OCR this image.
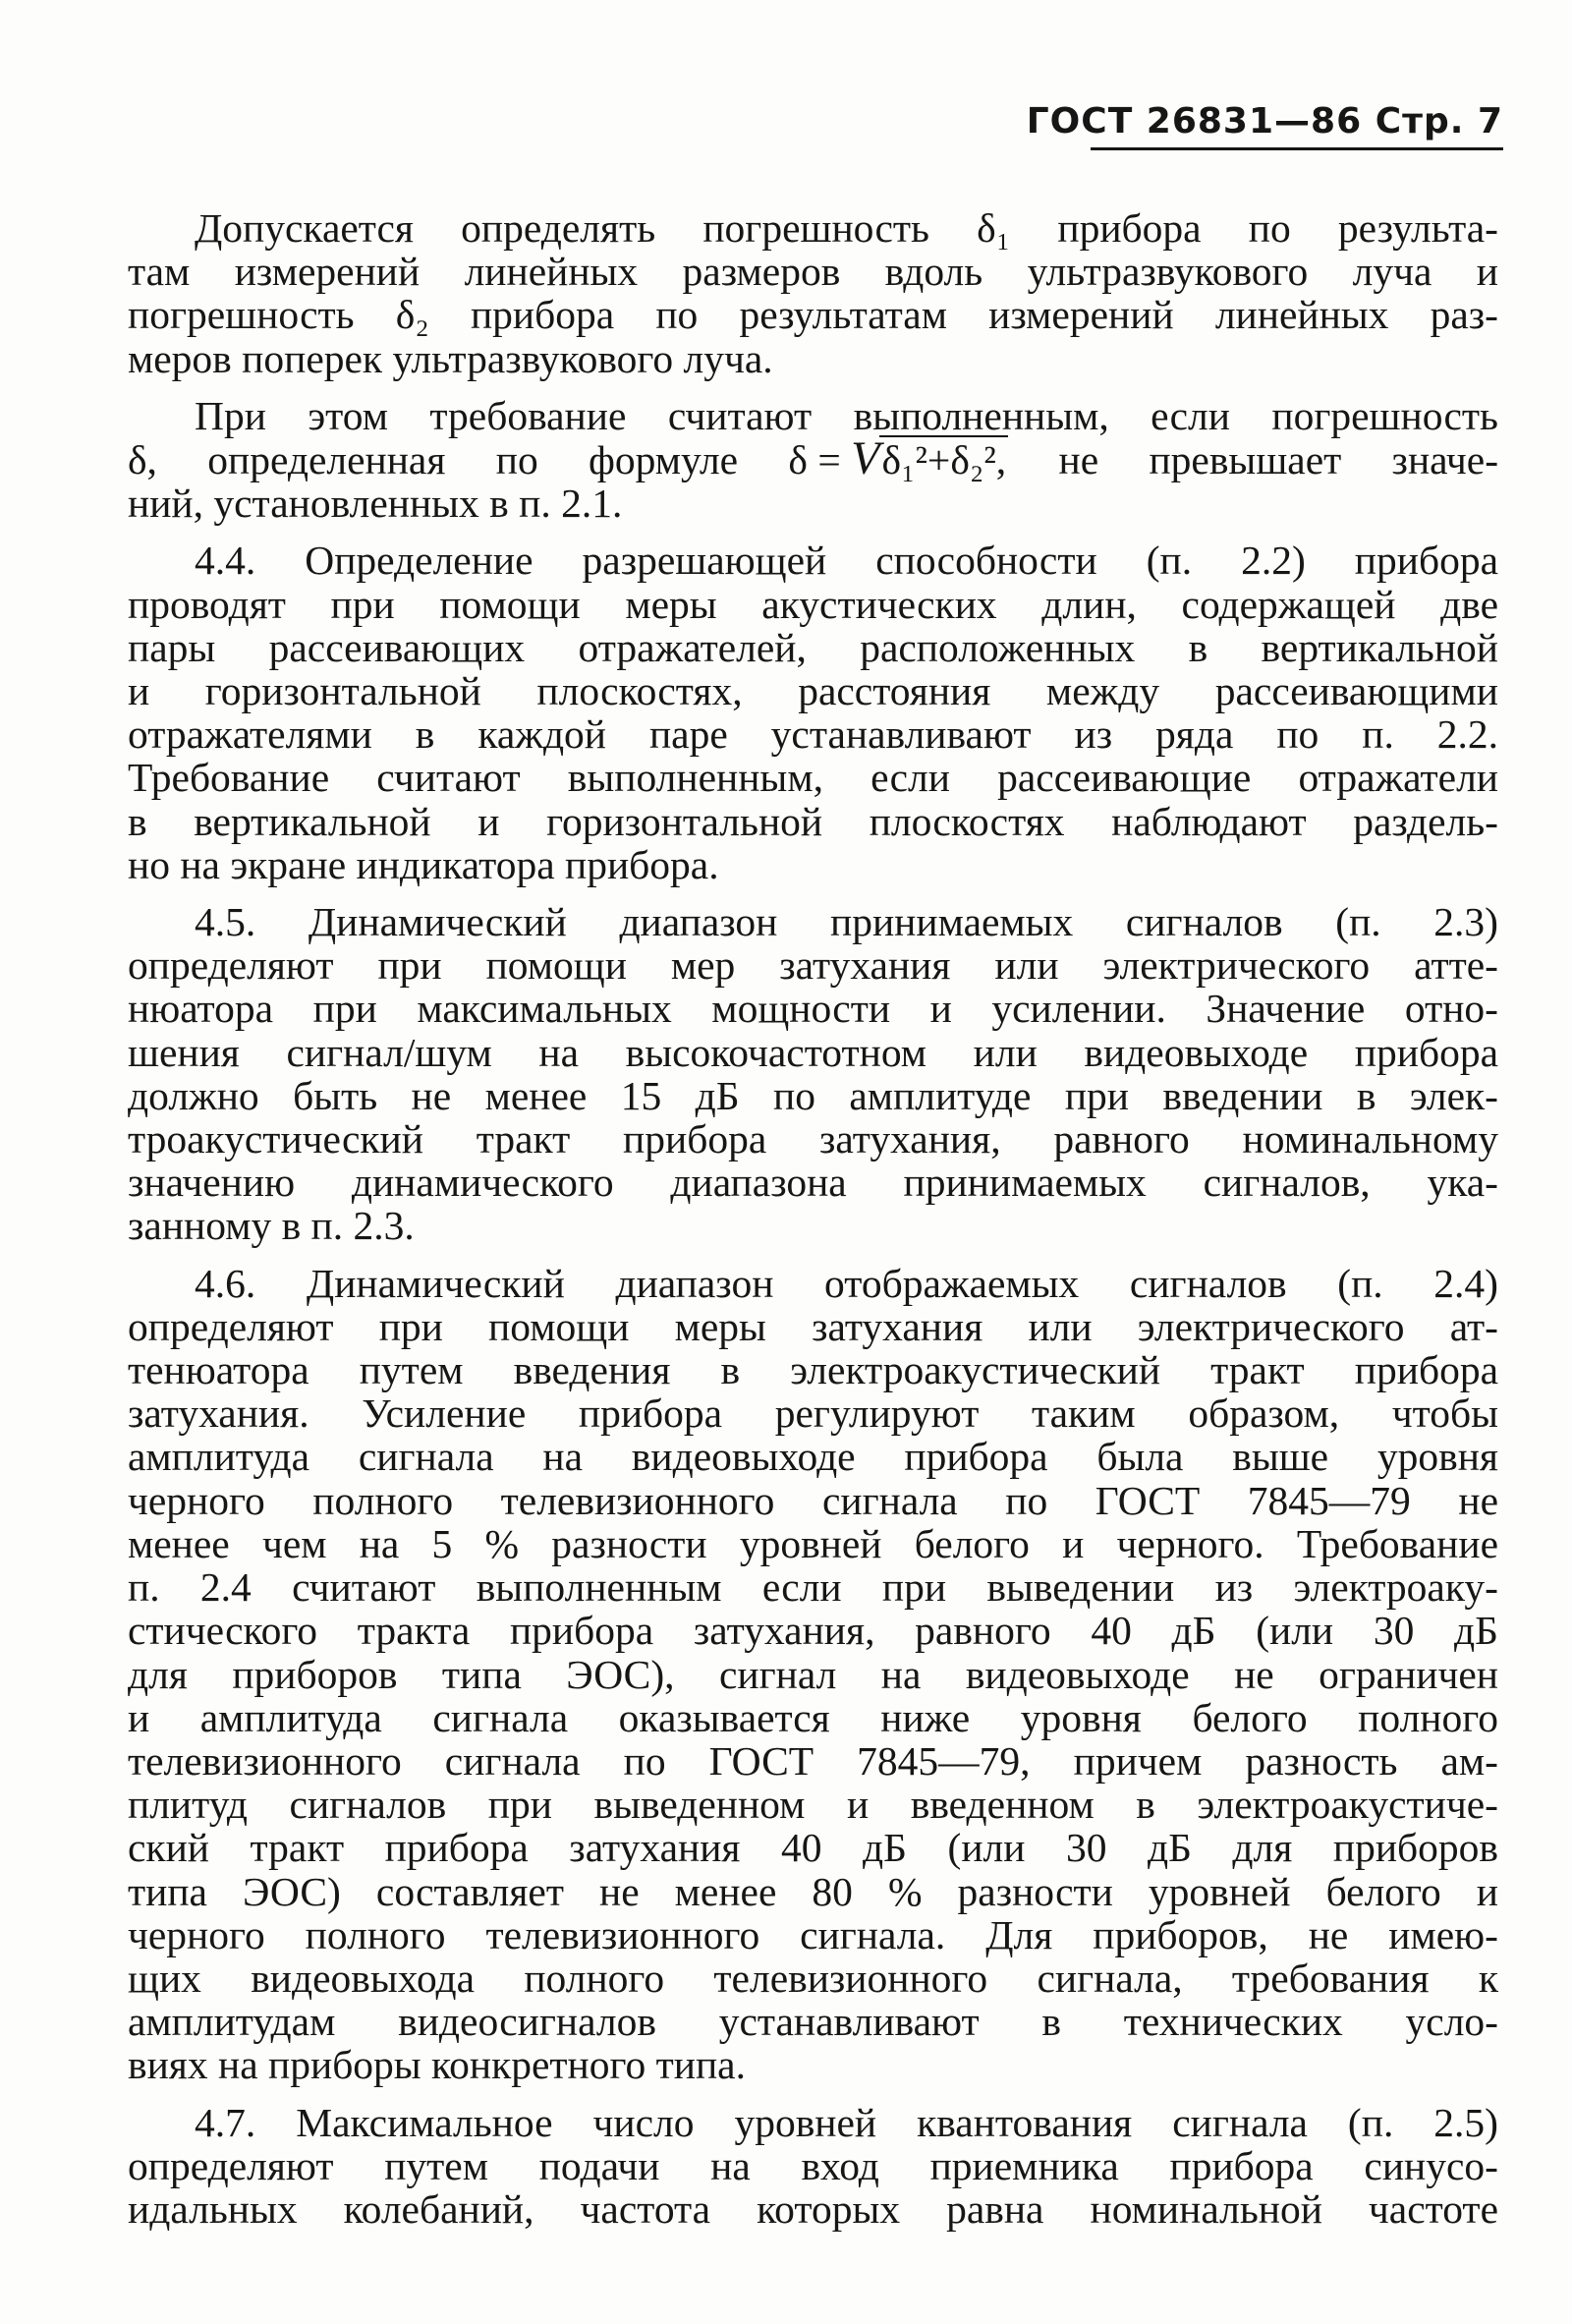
ГОСТ 26831—86 Стр. 7
Допускается определять погрешность δ₁ прибора по результа-
там измерений линейных размеров вдоль ультразвукового луча и
погрешность δ₂ прибора по результатам измерений линейных раз-
меров поперек ультразвукового луча.
При этом требование считают выполненным, если погрешность
δ, определенная по формуле δ = Vδ₁²+δ₂², не превышает значе-
ний, установленных в п. 2.1.
4.4. Определение разрешающей способности (п. 2.2) прибора
проводят при помощи меры акустических длин, содержащей две
пары рассеивающих отражателей, расположенных в вертикальной
и горизонтальной плоскостях, расстояния между рассеивающими
отражателями в каждой паре устанавливают из ряда по п. 2.2.
Требование считают выполненным, если рассеивающие отражатели
в вертикальной и горизонтальной плоскостях наблюдают раздель-
но на экране индикатора прибора.
4.5. Динамический диапазон принимаемых сигналов (п. 2.3)
определяют при помощи мер затухания или электрического атте-
нюатора при максимальных мощности и усилении. Значение отно-
шения сигнал/шум на высокочастотном или видеовыходе прибора
должно быть не менее 15 дБ по амплитуде при введении в элек-
троакустический тракт прибора затухания, равного номинальному
значению динамического диапазона принимаемых сигналов, ука-
занному в п. 2.3.
4.6. Динамический диапазон отображаемых сигналов (п. 2.4)
определяют при помощи меры затухания или электрического ат-
тенюатора путем введения в электроакустический тракт прибора
затухания. Усиление прибора регулируют таким образом, чтобы
амплитуда сигнала на видеовыходе прибора была выше уровня
черного полного телевизионного сигнала по ГОСТ 7845—79 не
менее чем на 5 % разности уровней белого и черного. Требование
п. 2.4 считают выполненным если при выведении из электроаку-
стического тракта прибора затухания, равного 40 дБ (или 30 дБ
для приборов типа ЭОС), сигнал на видеовыходе не ограничен
и амплитуда сигнала оказывается ниже уровня белого полного
телевизионного сигнала по ГОСТ 7845—79, причем разность ам-
плитуд сигналов при выведенном и введенном в электроакустиче-
ский тракт прибора затухания 40 дБ (или 30 дБ для приборов
типа ЭОС) составляет не менее 80 % разности уровней белого и
черного полного телевизионного сигнала. Для приборов, не имею-
щих видеовыхода полного телевизионного сигнала, требования к
амплитудам видеосигналов устанавливают в технических усло-
виях на приборы конкретного типа.
4.7. Максимальное число уровней квантования сигнала (п. 2.5)
определяют путем подачи на вход приемника прибора синусо-
идальных колебаний, частота которых равна номинальной частоте
